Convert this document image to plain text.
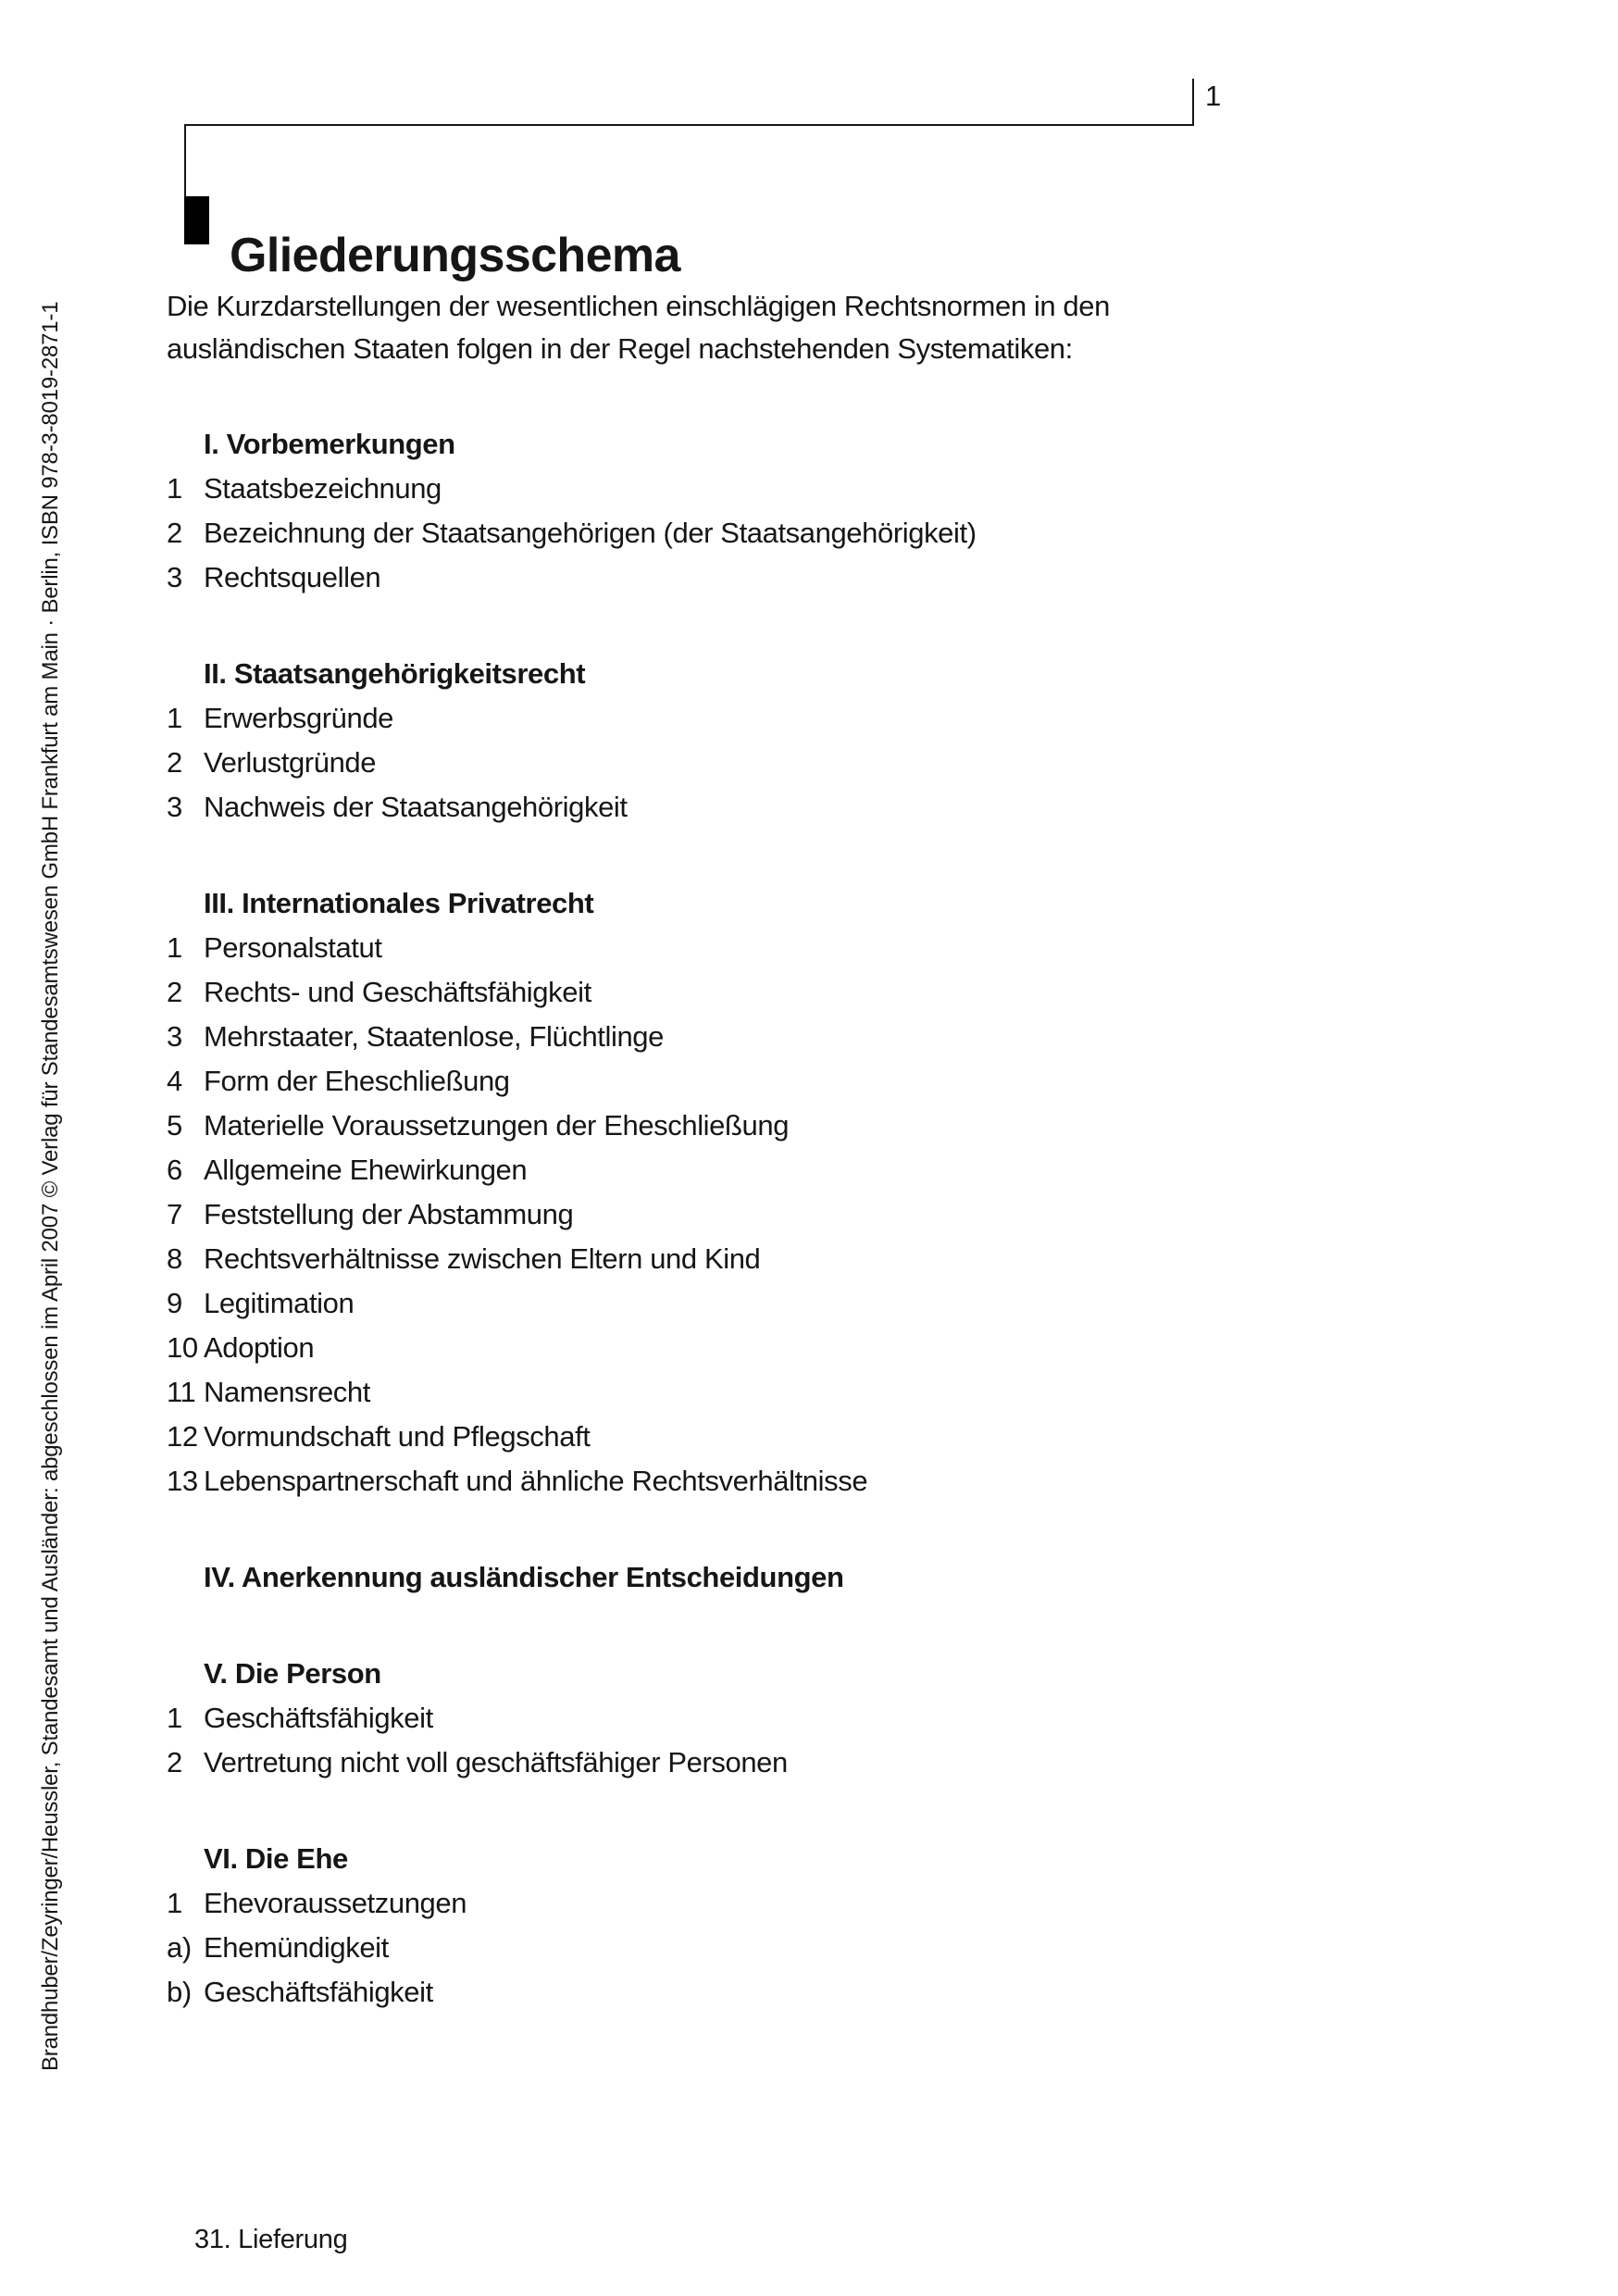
1
Gliederungsschema

Die Kurzdarstellungen der wesentlichen einschlägigen Rechtsnormen in den
ausländischen Staaten folgen in der Regel nachstehenden Systematiken:

I. Vorbemerkungen
1 Staatsbezeichnung
2 Bezeichnung der Staatsangehörigen (der Staatsangehörigkeit)
3 Rechtsquellen
II. Staatsangehörigkeitsrecht
1 Erwerbsgründe
2 Verlustgründe
3 Nachweis der Staatsangehörigkeit
III. Internationales Privatrecht
1 Personalstatut
2 Rechts- und Geschäftsfähigkeit
3 Mehrstaater, Staatenlose, Flüchtlinge
4 Form der Eheschließung
5 Materielle Voraussetzungen der Eheschließung
6 Allgemeine Ehewirkungen
7 Feststellung der Abstammung
8 Rechtsverhältnisse zwischen Eltern und Kind
9 Legitimation
10 Adoption
11 Namensrecht
12 Vormundschaft und Pflegschaft
13 Lebenspartnerschaft und ähnliche Rechtsverhältnisse
IV. Anerkennung ausländischer Entscheidungen
V. Die Person
1 Geschäftsfähigkeit
2 Vertretung nicht voll geschäftsfähiger Personen
VI. Die Ehe
1 Ehevoraussetzungen
a) Ehemündigkeit
b) Geschäftsfähigkeit
Brandhuber/Zeyringer/Heussler, Standesamt und Ausländer: abgeschlossen im April 2007 © Verlag für Standesamtswesen GmbH Frankfurt am Main · Berlin, ISBN 978-3-8019-2871-1
31. Lieferung
